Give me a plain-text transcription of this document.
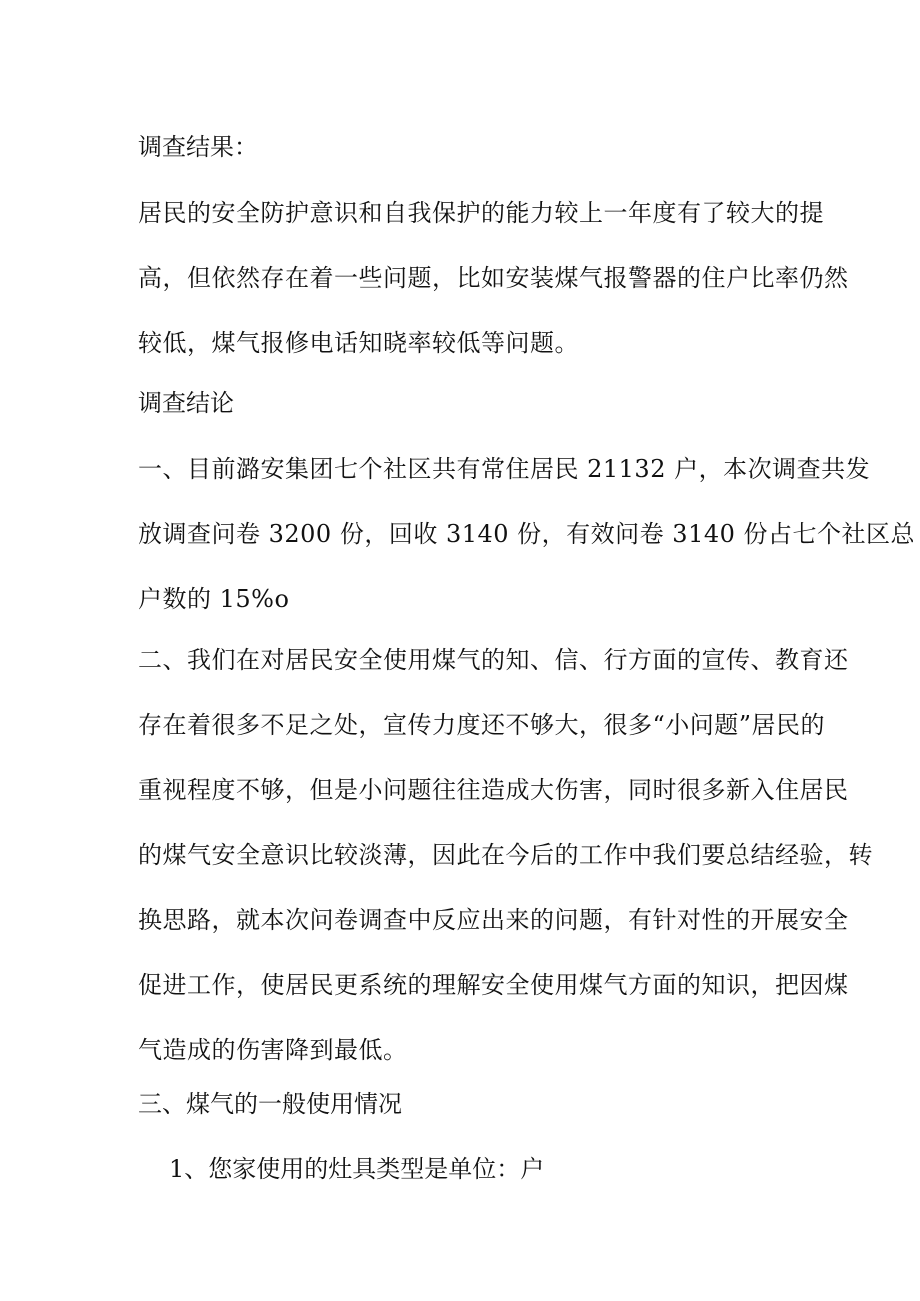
调查结果：
居民的安全防护意识和自我保护的能力较上一年度有了较大的提
高，但依然存在着一些问题，比如安装煤气报警器的住户比率仍然
较低，煤气报修电话知晓率较低等问题。
调查结论
一、目前潞安集团七个社区共有常住居民 21132 户，本次调查共发
放调查问卷 3200 份，回收 3140 份，有效问卷 3140 份占七个社区总
户数的 15%o
二、我们在对居民安全使用煤气的知、信、行方面的宣传、教育还
存在着很多不足之处，宣传力度还不够大，很多“小问题”居民的
重视程度不够，但是小问题往往造成大伤害，同时很多新入住居民
的煤气安全意识比较淡薄，因此在今后的工作中我们要总结经验，转
换思路，就本次问卷调查中反应出来的问题，有针对性的开展安全
促进工作，使居民更系统的理解安全使用煤气方面的知识，把因煤
气造成的伤害降到最低。
三、煤气的一般使用情况
1、您家使用的灶具类型是单位：户
